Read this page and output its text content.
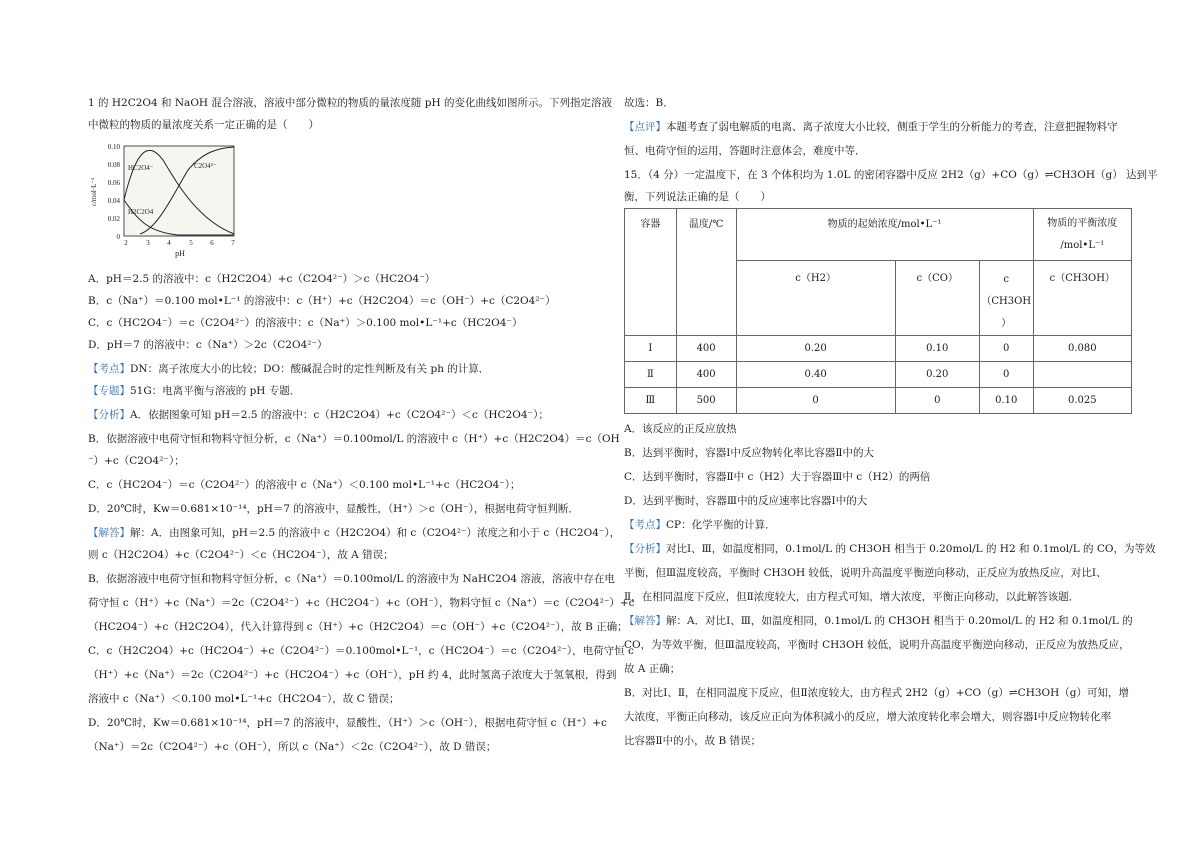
1 的 H2C2O4 和 NaOH 混合溶液，溶液中部分微粒的物质的量浓度随 pH 的变化曲线如图所示。下列指定溶液
中微粒的物质的量浓度关系一定正确的是（　　）
0.10
0.08
0.06
0.04
0.02
0
2	3	4	5	6	7
pH
c/mol·L⁻¹
HC2O4⁻	C2O4²⁻
H2C2O4
A．pH＝2.5 的溶液中：c（H2C2O4）+c（C2O4²⁻）＞c（HC2O4⁻）
B．c（Na⁺）＝0.100 mol•L⁻¹ 的溶液中：c（H⁺）+c（H2C2O4）＝c（OH⁻）+c（C2O4²⁻）
C．c（HC2O4⁻）＝c（C2O4²⁻）的溶液中：c（Na⁺）＞0.100 mol•L⁻¹+c（HC2O4⁻）
D．pH＝7 的溶液中：c（Na⁺）＞2c（C2O4²⁻）
【考点】DN：离子浓度大小的比较；DO：酸碱混合时的定性判断及有关 ph 的计算．
【专题】51G：电离平衡与溶液的 pH 专题．
【分析】A．依据图象可知 pH＝2.5 的溶液中：c（H2C2O4）+c（C2O4²⁻）＜c（HC2O4⁻）；
B．依据溶液中电荷守恒和物料守恒分析，c（Na⁺）＝0.100mol/L 的溶液中 c（H⁺）+c（H2C2O4）＝c（OH
⁻）+c（C2O4²⁻）；
C．c（HC2O4⁻）＝c（C2O4²⁻）的溶液中 c（Na⁺）＜0.100 mol•L⁻¹+c（HC2O4⁻）；
D．20℃时，Kw＝0.681×10⁻¹⁴，pH＝7 的溶液中，显酸性，（H⁺）＞c（OH⁻），根据电荷守恒判断．
【解答】解：A．由图象可知，pH＝2.5 的溶液中 c（H2C2O4）和 c（C2O4²⁻）浓度之和小于 c（HC2O4⁻），
则 c（H2C2O4）+c（C2O4²⁻）＜c（HC2O4⁻），故 A 错误；
B．依据溶液中电荷守恒和物料守恒分析，c（Na⁺）＝0.100mol/L 的溶液中为 NaHC2O4 溶液，溶液中存在电
荷守恒 c（H⁺）+c（Na⁺）＝2c（C2O4²⁻）+c（HC2O4⁻）+c（OH⁻），物料守恒 c（Na⁺）＝c（C2O4²⁻）+c
（HC2O4⁻）+c（H2C2O4），代入计算得到 c（H⁺）+c（H2C2O4）＝c（OH⁻）+c（C2O4²⁻），故 B 正确；
C．c（H2C2O4）+c（HC2O4⁻）+c（C2O4²⁻）＝0.100mol•L⁻¹，c（HC2O4⁻）＝c（C2O4²⁻），电荷守恒 c
（H⁺）+c（Na⁺）＝2c（C2O4²⁻）+c（HC2O4⁻）+c（OH⁻），pH 约 4，此时氢离子浓度大于氢氧根，得到
溶液中 c（Na⁺）＜0.100 mol•L⁻¹+c（HC2O4⁻），故 C 错误；
D．20℃时，Kw＝0.681×10⁻¹⁴，pH＝7 的溶液中，显酸性，（H⁺）＞c（OH⁻），根据电荷守恒 c（H⁺）+c
（Na⁺）＝2c（C2O4²⁻）+c（OH⁻），所以 c（Na⁺）＜2c（C2O4²⁻），故 D 错误；
故选：B．
【点评】本题考查了弱电解质的电离、离子浓度大小比较，侧重于学生的分析能力的考查，注意把握物料守
恒、电荷守恒的运用，答题时注意体会，难度中等．
15．（4 分）一定温度下，在 3 个体积均为 1.0L 的密闭容器中反应 2H2（g）+CO（g）⇌CH3OH（g） 达到平
衡，下列说法正确的是（　　）
容器	温度/℃	物质的起始浓度/mol•L⁻¹			物质的平衡浓度
/mol•L⁻¹

		c（H2）	c（CO）	c
（CH3OH
）	c（CH3OH）
Ⅰ	400	0.20	0.10	0	0.080
Ⅱ	400	0.40	0.20	0	
Ⅲ	500	0	0	0.10	0.025
A．该反应的正反应放热
B．达到平衡时，容器Ⅰ中反应物转化率比容器Ⅱ中的大
C．达到平衡时，容器Ⅱ中 c（H2）大于容器Ⅲ中 c（H2）的两倍
D．达到平衡时，容器Ⅲ中的反应速率比容器Ⅰ中的大
【考点】CP：化学平衡的计算．
【分析】对比Ⅰ、Ⅲ，如温度相同，0.1mol/L 的 CH3OH 相当于 0.20mol/L 的 H2 和 0.1mol/L 的 CO，为等效
平衡，但Ⅲ温度较高，平衡时 CH3OH 较低，说明升高温度平衡逆向移动，正反应为放热反应，对比Ⅰ、
Ⅱ，在相同温度下反应，但Ⅱ浓度较大，由方程式可知，增大浓度，平衡正向移动，以此解答该题．
【解答】解：A．对比Ⅰ、Ⅲ，如温度相同，0.1mol/L 的 CH3OH 相当于 0.20mol/L 的 H2 和 0.1mol/L 的
CO，为等效平衡，但Ⅲ温度较高，平衡时 CH3OH 较低，说明升高温度平衡逆向移动，正反应为放热反应，
故 A 正确；
B．对比Ⅰ、Ⅱ，在相同温度下反应，但Ⅱ浓度较大，由方程式 2H2（g）+CO（g）⇌CH3OH（g）可知，增
大浓度，平衡正向移动，该反应正向为体积减小的反应，增大浓度转化率会增大，则容器Ⅰ中反应物转化率
比容器Ⅱ中的小，故 B 错误；
